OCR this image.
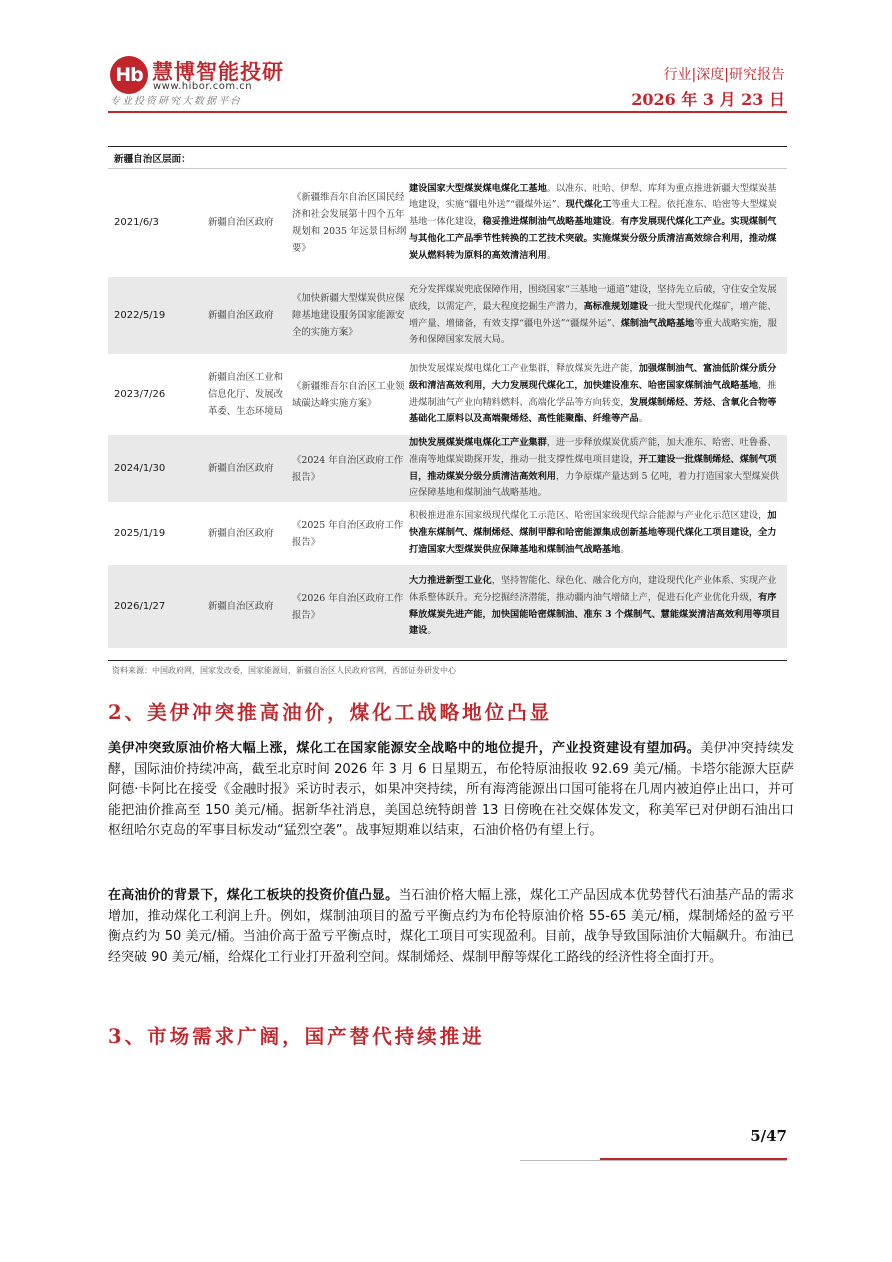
Hb 慧博智能投研
www.hibor.com.cn
专业投资研究大数据平台
行业|深度|研究报告
2026 年 3 月 23 日
新疆自治区层面：			
2021/6/3	新疆自治区政府	《新疆维吾尔自治区国民经济和社会发展第十四个五年规划和 2035 年远景目标纲要》	建设国家大型煤炭煤电煤化工基地。以准东、吐哈、伊犁、库拜为重点推进新疆大型煤炭基地建设，实施“疆电外送”“疆煤外运”、现代煤化工等重大工程。依托准东、哈密等大型煤炭基地一体化建设，稳妥推进煤制油气战略基地建设。有序发展现代煤化工产业。实现煤制气与其他化工产品季节性转换的工艺技术突破。实施煤炭分级分质清洁高效综合利用，推动煤炭从燃料转为原料的高效清洁利用。
2022/5/19	新疆自治区政府	《加快新疆大型煤炭供应保障基地建设服务国家能源安全的实施方案》	充分发挥煤炭兜底保障作用，围绕国家“三基地一通道”建设，坚持先立后破，守住安全发展底线，以需定产，最大程度挖掘生产潜力，高标准规划建设一批大型现代化煤矿，增产能、增产量、增储备，有效支撑“疆电外送”“疆煤外运”、煤制油气战略基地等重大战略实施，服务和保障国家发展大局。
2023/7/26	新疆自治区工业和信息化厅、发展改革委、生态环境局	《新疆维吾尔自治区工业领域碳达峰实施方案》	加快发展煤炭煤电煤化工产业集群，释放煤炭先进产能，加强煤制油气、富油低阶煤分质分级和清洁高效利用，大力发展现代煤化工，加快建设准东、哈密国家煤制油气战略基地，推进煤制油气产业向精料燃料、高端化学品等方向转变，发展煤制烯烃、芳烃、含氧化合物等基础化工原料以及高端聚烯烃、高性能聚酯、纤维等产品。
2024/1/30	新疆自治区政府	《2024 年自治区政府工作报告》	加快发展煤炭煤电煤化工产业集群，进一步释放煤炭优质产能，加大准东、哈密、吐鲁番、准南等地煤炭勘探开发，推动一批支撑性煤电项目建设，开工建设一批煤制烯烃、煤制气项目，推动煤炭分级分质清洁高效利用，力争原煤产量达到 5 亿吨，着力打造国家大型煤炭供应保障基地和煤制油气战略基地。
2025/1/19	新疆自治区政府	《2025 年自治区政府工作报告》	积极推进准东国家级现代煤化工示范区、哈密国家级现代综合能源与产业化示范区建设，加快准东煤制气、煤制烯烃、煤制甲醇和哈密能源集成创新基地等现代煤化工项目建设，全力打造国家大型煤炭供应保障基地和煤制油气战略基地。
2026/1/27	新疆自治区政府	《2026 年自治区政府工作报告》	大力推进新型工业化，坚持智能化、绿色化、融合化方向，建设现代化产业体系、实现产业体系整体跃升。充分挖掘经济潜能，推动疆内油气增储上产，促进石化产业优化升级，有序释放煤炭先进产能，加快国能哈密煤制油、准东 3 个煤制气、慧能煤炭清洁高效利用等项目建设。
资料来源：中国政府网，国家发改委，国家能源局，新疆自治区人民政府官网，西部证券研发中心
2、美伊冲突推高油价，煤化工战略地位凸显
美伊冲突致原油价格大幅上涨，煤化工在国家能源安全战略中的地位提升，产业投资建设有望加码。美伊冲突持续发酵，国际油价持续冲高，截至北京时间 2026 年 3 月 6 日星期五，布伦特原油报收 92.69 美元/桶。卡塔尔能源大臣萨阿德·卡阿比在接受《金融时报》采访时表示，如果冲突持续，所有海湾能源出口国可能将在几周内被迫停止出口，并可能把油价推高至 150 美元/桶。据新华社消息，美国总统特朗普 13 日傍晚在社交媒体发文，称美军已对伊朗石油出口枢纽哈尔克岛的军事目标发动“猛烈空袭”。战事短期难以结束，石油价格仍有望上行。
在高油价的背景下，煤化工板块的投资价值凸显。当石油价格大幅上涨，煤化工产品因成本优势替代石油基产品的需求增加，推动煤化工利润上升。例如，煤制油项目的盈亏平衡点约为布伦特原油价格 55-65 美元/桶，煤制烯烃的盈亏平衡点约为 50 美元/桶。当油价高于盈亏平衡点时，煤化工项目可实现盈利。目前，战争导致国际油价大幅飙升。布油已经突破 90 美元/桶，给煤化工行业打开盈利空间。煤制烯烃、煤制甲醇等煤化工路线的经济性将全面打开。
3、市场需求广阔，国产替代持续推进
5/47
